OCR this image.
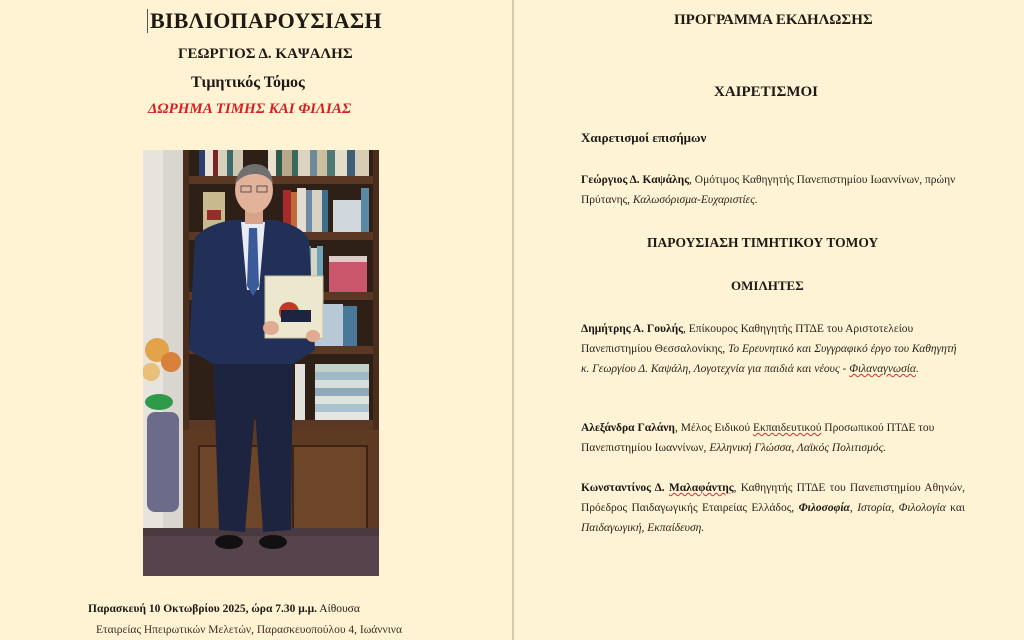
ΒΙΒΛΙΟΠΑΡΟΥΣΙΑΣΗ
ΓΕΩΡΓΙΟΣ Δ. ΚΑΨΑΛΗΣ
Τιμητικός Τόμος
ΔΩΡΗΜΑ ΤΙΜΗΣ ΚΑΙ ΦΙΛΙΑΣ
Παρασκευή 10 Οκτωβρίου 2025, ώρα 7.30 μ.μ. Αίθουσα
Εταιρείας Ηπειρωτικών Μελετών, Παρασκευοπούλου 4, Ιωάννινα
ΠΡΟΓΡΑΜΜΑ ΕΚΔΗΛΩΣΗΣ
ΧΑΙΡΕΤΙΣΜΟΙ
Χαιρετισμοί επισήμων
Γεώργιος Δ. Καψάλης, Ομότιμος Καθηγητής Πανεπιστημίου Ιωαννίνων, πρώην Πρύτανης, Καλωσόρισμα-Ευχαριστίες.
ΠΑΡΟΥΣΙΑΣΗ ΤΙΜΗΤΙΚΟΥ ΤΟΜΟΥ
ΟΜΙΛΗΤΕΣ
Δημήτρης Α. Γουλής, Επίκουρος Καθηγητής ΠΤΔΕ του Αριστοτελείου Πανεπιστημίου Θεσσαλονίκης, Το Ερευνητικό και Συγγραφικό έργο του Καθηγητή κ. Γεωργίου Δ. Καψάλη, Λογοτεχνία για παιδιά και νέους - Φιλαναγνωσία.
Αλεξάνδρα Γαλάνη, Μέλος Ειδικού Εκπαιδευτικού Προσωπικού ΠΤΔΕ του Πανεπιστημίου Ιωαννίνων, Ελληνική Γλώσσα, Λαϊκός Πολιτισμός.
Κωνσταντίνος Δ. Μαλαφάντης, Καθηγητής ΠΤΔΕ του Πανεπιστημίου Αθηνών, Πρόεδρος Παιδαγωγικής Εταιρείας Ελλάδος, Φιλοσοφία, Ιστορία, Φιλολογία και Παιδαγωγική, Εκπαίδευση.
